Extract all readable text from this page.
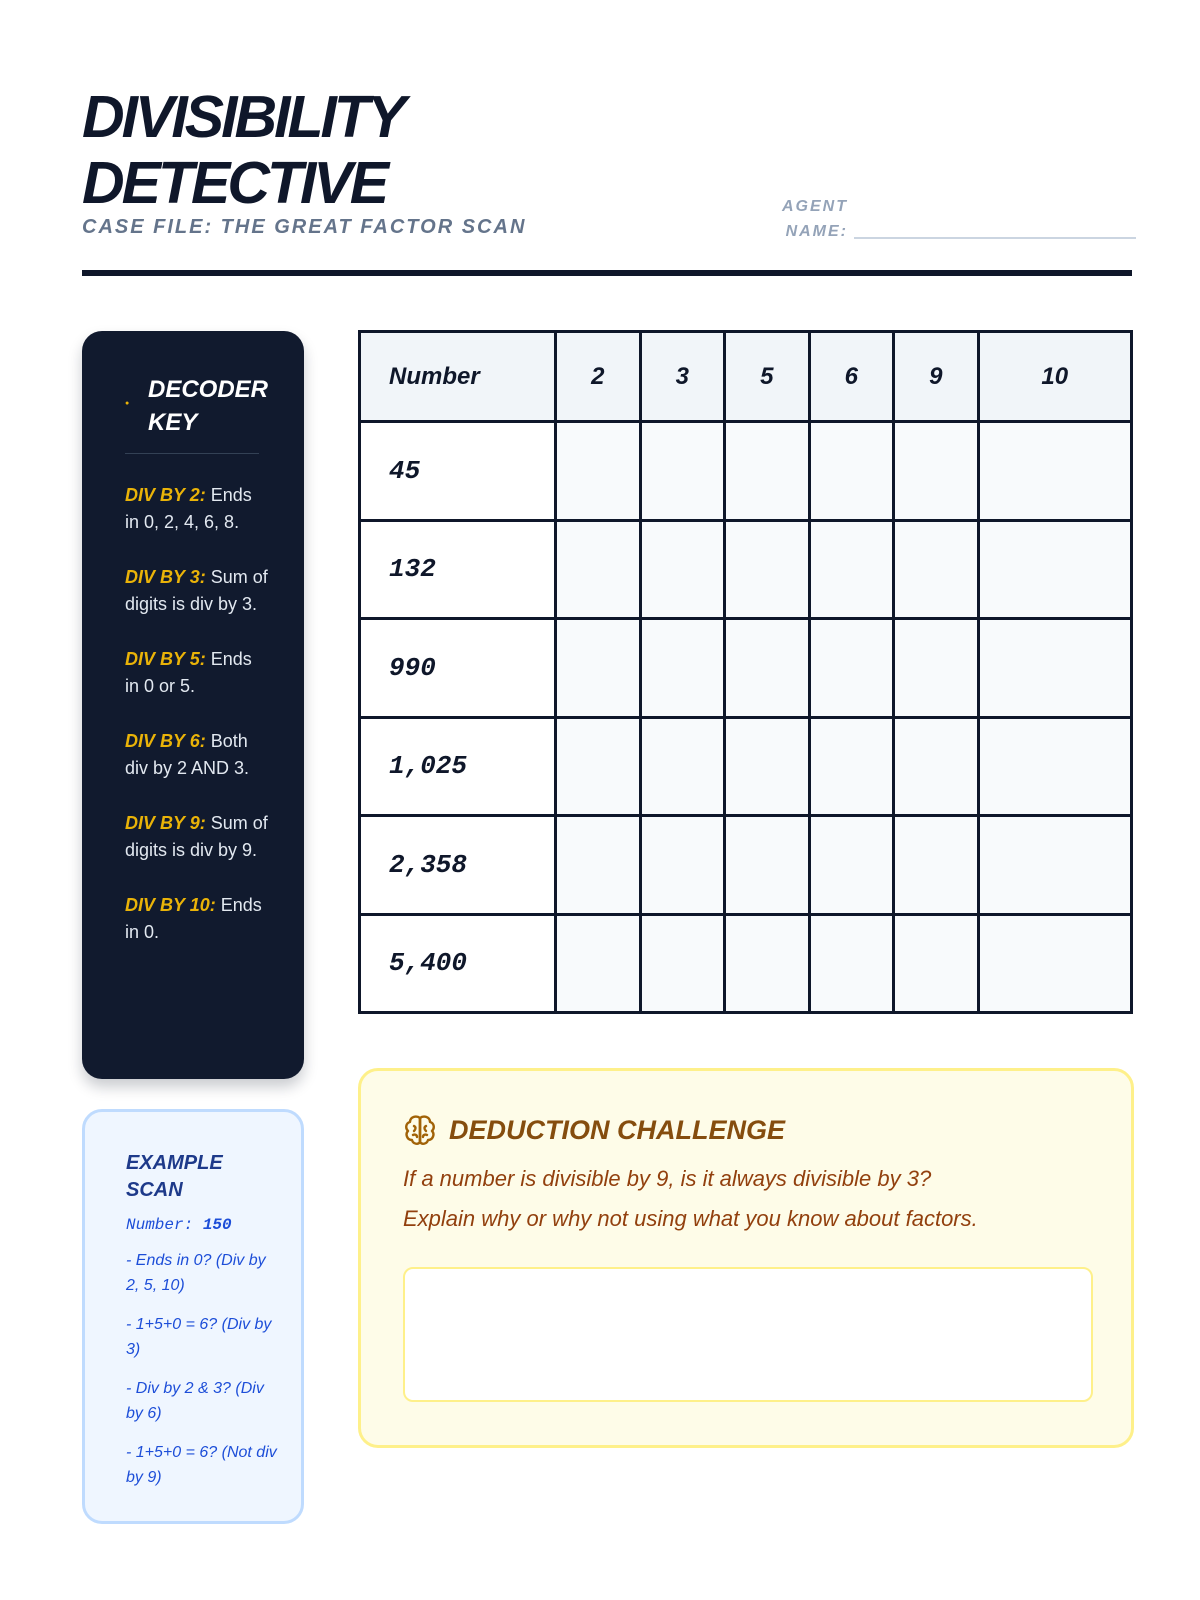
DIVISIBILITY
DETECTIVE
CASE FILE: THE GREAT FACTOR SCAN
AGENT
NAME:
●
DECODER
KEY
DIV BY 2: Ends in 0, 2, 4, 6, 8.
DIV BY 3: Sum of digits is div by 3.
DIV BY 5: Ends in 0 or 5.
DIV BY 6: Both div by 2 AND 3.
DIV BY 9: Sum of digits is div by 9.
DIV BY 10: Ends in 0.
EXAMPLE
SCAN
Number: 150
- Ends in 0? (Div by 2, 5, 10)
- 1+5+0 = 6? (Div by 3)
- Div by 2 & 3? (Div by 6)
- 1+5+0 = 6? (Not div by 9)
Number	2	3	5	6	9	10
45						
132						
990						
1,025						
2,358						
5,400						
DEDUCTION CHALLENGE
If a number is divisible by 9, is it always divisible by 3?
Explain why or why not using what you know about factors.
